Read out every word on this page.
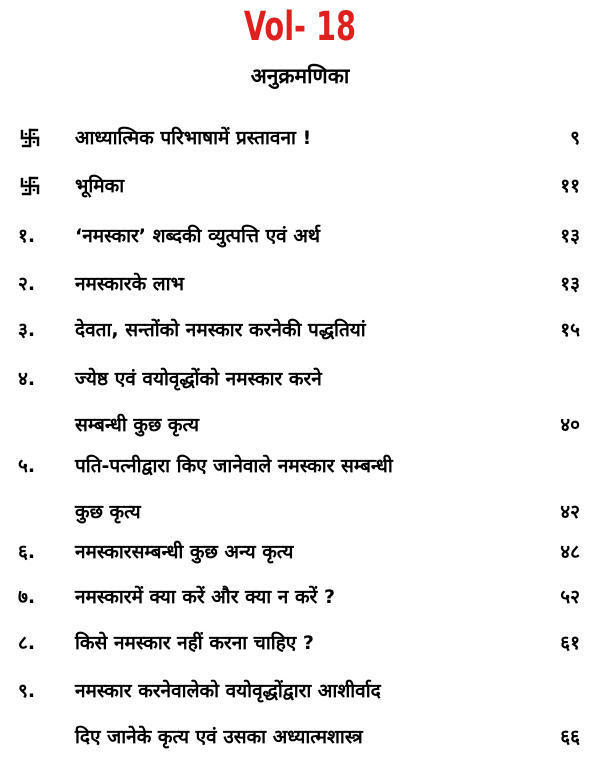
Vol- 18
अनुक्रमणिका
आध्यात्मिक परिभाषामें प्रस्तावना !	९
भूमिका	११
१.	‘नमस्कार’ शब्दकी व्युत्पत्ति एवं अर्थ	१३
२.	नमस्कारके लाभ	१३
३.	देवता, सन्तोंको नमस्कार करनेकी पद्धतियां	१५
४.	ज्येष्ठ एवं वयोवृद्धोंको नमस्कार करने
सम्बन्धी कुछ कृत्य	४०
५.	पति-पत्नीद्वारा किए जानेवाले नमस्कार सम्बन्धी
कुछ कृत्य	४२
६.	नमस्कारसम्बन्धी कुछ अन्य कृत्य	४८
७.	नमस्कारमें क्या करें और क्या न करें ?	५२
८.	किसे नमस्कार नहीं करना चाहिए ?	६१
९.	नमस्कार करनेवालेको वयोवृद्धोंद्वारा आशीर्वाद
दिए जानेके कृत्य एवं उसका अध्यात्मशास्त्र	६६
